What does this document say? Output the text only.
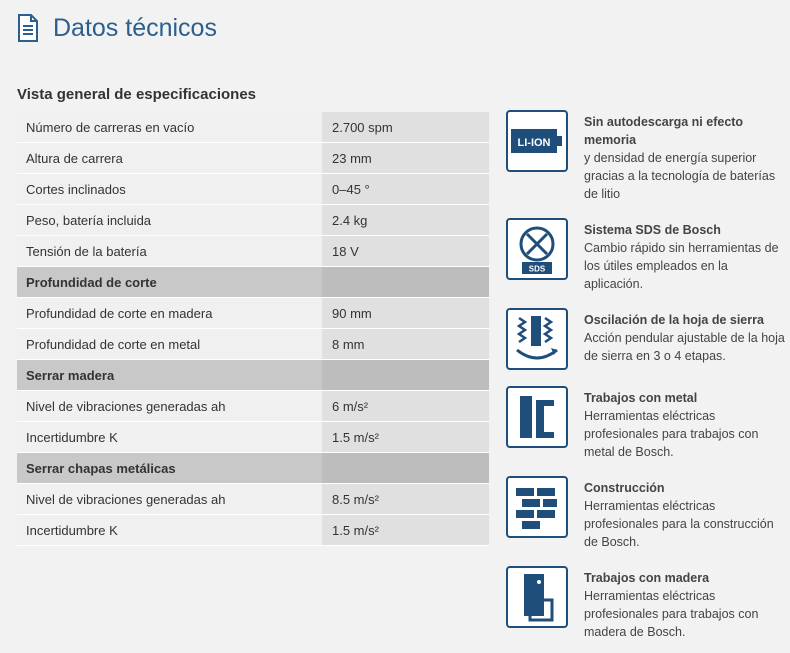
Datos técnicos
Vista general de especificaciones
Número de carreras en vacío	2.700 spm
Altura de carrera	23 mm
Cortes inclinados	0–45 °
Peso, batería incluida	2.4 kg
Tensión de la batería	18 V
Profundidad de corte	
Profundidad de corte en madera	90 mm
Profundidad de corte en metal	8 mm
Serrar madera	
Nivel de vibraciones generadas ah	6 m/s²
Incertidumbre K	1.5 m/s²
Serrar chapas metálicas	
Nivel de vibraciones generadas ah	8.5 m/s²
Incertidumbre K	1.5 m/s²
LI-ION
Sin autodescarga ni efecto memoria
y densidad de energía superior gracias a la tecnología de baterías de litio
SDS
Sistema SDS de Bosch
Cambio rápido sin herramientas de los útiles empleados en la aplicación.
Oscilación de la hoja de sierra
Acción pendular ajustable de la hoja de sierra en 3 o 4 etapas.
Trabajos con metal
Herramientas eléctricas profesionales para trabajos con metal de Bosch.
Construcción
Herramientas eléctricas profesionales para la construcción de Bosch.
Trabajos con madera
Herramientas eléctricas profesionales para trabajos con madera de Bosch.
